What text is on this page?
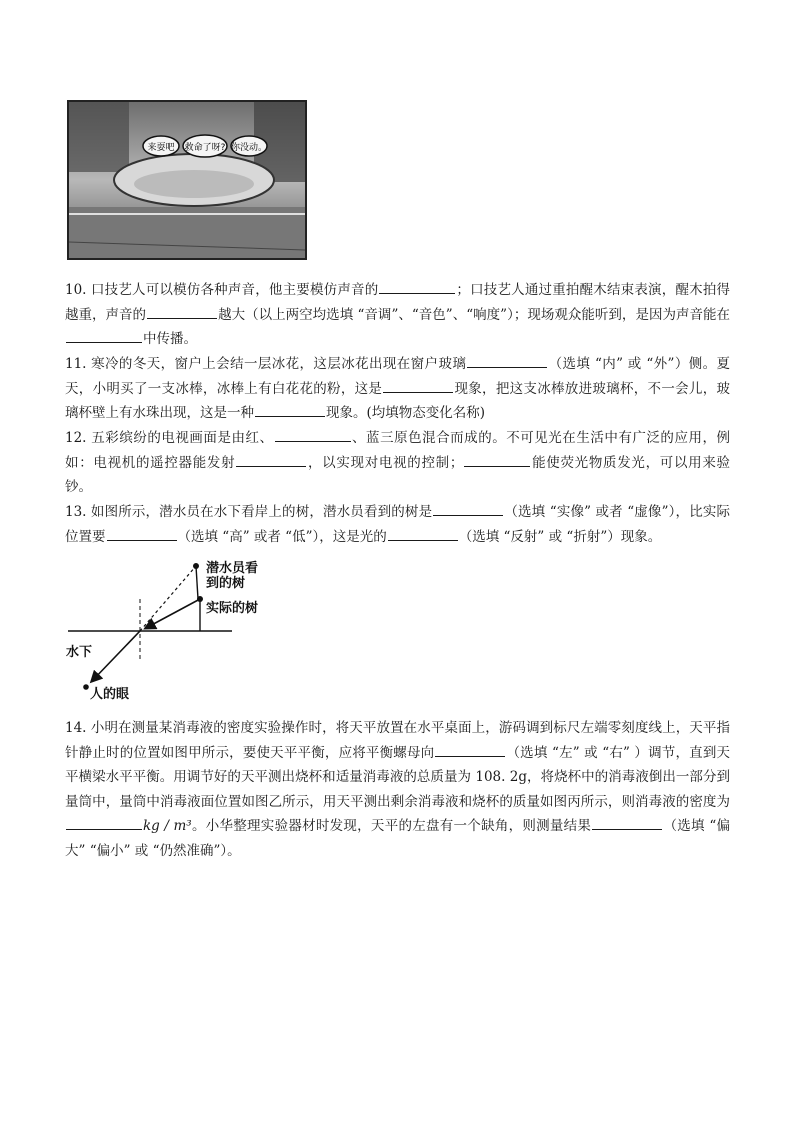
来耍吧 救命了呀? 你没动。
10. 口技艺人可以模仿各种声音，他主要模仿声音的	；口技艺人通过重拍醒木结束表演，醒木拍得越重，声音的	越大（以上两空均选填 “音调”、“音色”、“响度”）；现场观众能听到，是因为声音能在中传播。
11. 寒冷的冬天，窗户上会结一层冰花，这层冰花出现在窗户玻璃	（选填 “内” 或 “外”）侧。夏天，小明买了一支冰棒，冰棒上有白花花的粉，这是	现象，把这支冰棒放进玻璃杯，不一会儿，玻璃杯壁上有水珠出现，这是一种	现象。(均填物态变化名称)
12. 五彩缤纷的电视画面是由红、	、蓝三原色混合而成的。不可见光在生活中有广泛的应用，例如：电视机的遥控器能发射	，以实现对电视的控制；	能使荧光物质发光，可以用来验钞。
13. 如图所示，潜水员在水下看岸上的树，潜水员看到的树是	（选填 “实像” 或者 “虚像”），比实际位置要	（选填 “高” 或者 “低”），这是光的	（选填 “反射” 或 “折射”）现象。
潜水员看
到的树
实际的树
水下
人的眼
14. 小明在测量某消毒液的密度实验操作时，将天平放置在水平桌面上，游码调到标尺左端零刻度线上，天平指针静止时的位置如图甲所示，要使天平平衡，应将平衡螺母向	（选填 “左” 或 “右” ）调节，直到天平横梁水平平衡。用调节好的天平测出烧杯和适量消毒液的总质量为 108. 2g，将烧杯中的消毒液倒出一部分到量筒中，量筒中消毒液面位置如图乙所示，用天平测出剩余消毒液和烧杯的质量如图丙所示，则消毒液的密度为kg / m³。小华整理实验器材时发现，天平的左盘有一个缺角，则测量结果	（选填 “偏大” “偏小” 或 “仍然准确”）。
